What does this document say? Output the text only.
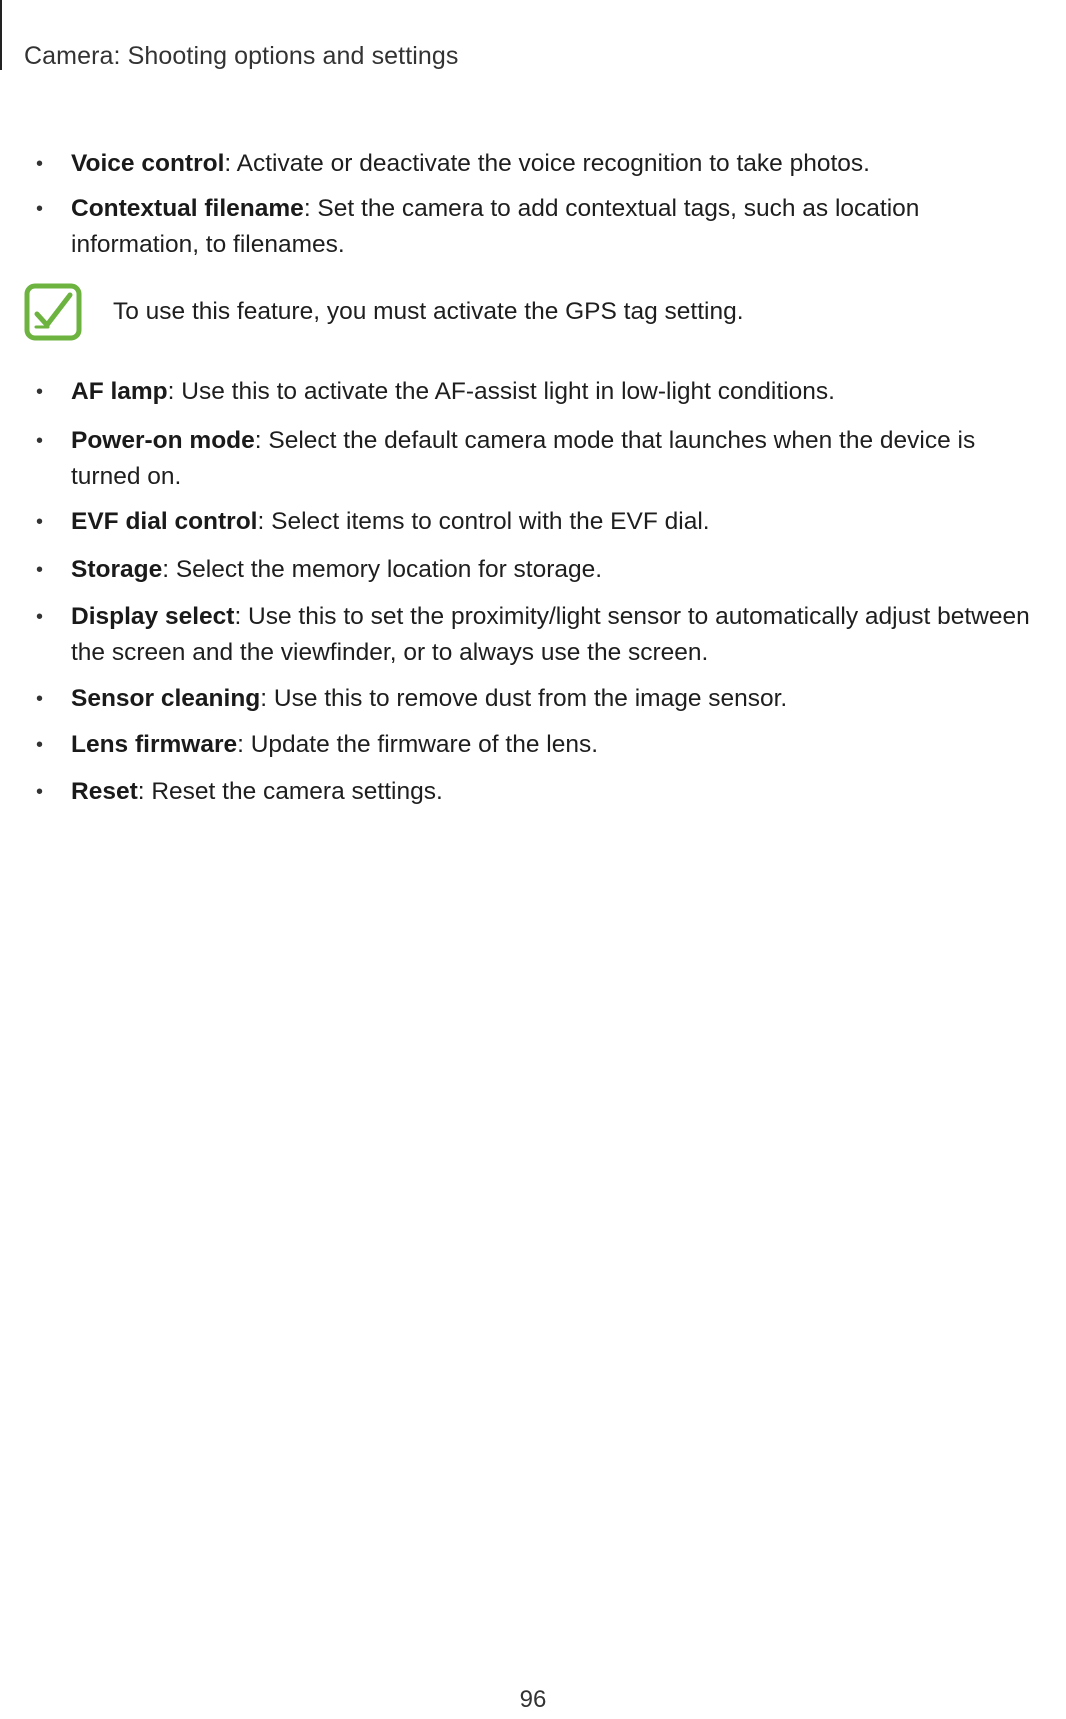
Camera: Shooting options and settings
• Voice control: Activate or deactivate the voice recognition to take photos.
• Contextual filename: Set the camera to add contextual tags, such as location information, to filenames.
To use this feature, you must activate the GPS tag setting.
• AF lamp: Use this to activate the AF-assist light in low-light conditions.
• Power-on mode: Select the default camera mode that launches when the device is turned on.
• EVF dial control: Select items to control with the EVF dial.
• Storage: Select the memory location for storage.
• Display select: Use this to set the proximity/light sensor to automatically adjust between the screen and the viewfinder, or to always use the screen.
• Sensor cleaning: Use this to remove dust from the image sensor.
• Lens firmware: Update the firmware of the lens.
• Reset: Reset the camera settings.
96
